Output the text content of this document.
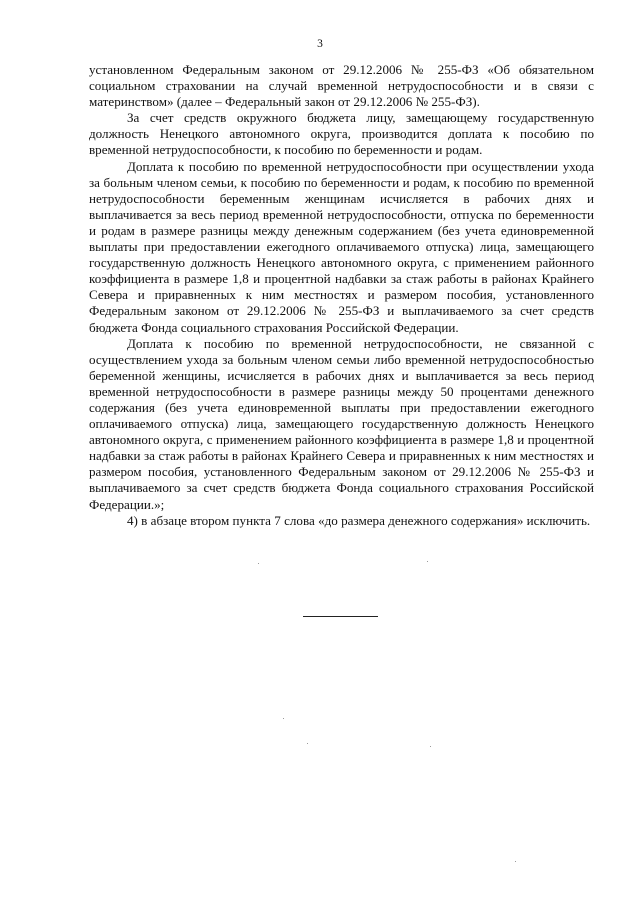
3

установленном Федеральным законом от 29.12.2006 № 255-ФЗ «Об обязательном социальном страховании на случай временной нетрудоспособности и в связи с материнством» (далее – Федеральный закон от 29.12.2006 № 255-ФЗ).

За счет средств окружного бюджета лицу, замещающему государственную должность Ненецкого автономного округа, производится доплата к пособию по временной нетрудоспособности, к пособию по беременности и родам.

Доплата к пособию по временной нетрудоспособности при осуществлении ухода за больным членом семьи, к пособию по беременности и родам, к пособию по временной нетрудоспособности беременным женщинам исчисляется в рабочих днях и выплачивается за весь период временной нетрудоспособности, отпуска по беременности и родам в размере разницы между денежным содержанием (без учета единовременной выплаты при предоставлении ежегодного оплачиваемого отпуска) лица, замещающего государственную должность Ненецкого автономного округа, с применением районного коэффициента в размере 1,8 и процентной надбавки за стаж работы в районах Крайнего Севера и приравненных к ним местностях и размером пособия, установленного Федеральным законом от 29.12.2006 № 255-ФЗ и выплачиваемого за счет средств бюджета Фонда социального страхования Российской Федерации.

Доплата к пособию по временной нетрудоспособности, не связанной с осуществлением ухода за больным членом семьи либо временной нетрудоспособностью беременной женщины, исчисляется в рабочих днях и выплачивается за весь период временной нетрудоспособности в размере разницы между 50 процентами денежного содержания (без учета единовременной выплаты при предоставлении ежегодного оплачиваемого отпуска) лица, замещающего государственную должность Ненецкого автономного округа, с применением районного коэффициента в размере 1,8 и процентной надбавки за стаж работы в районах Крайнего Севера и приравненных к ним местностях и размером пособия, установленного Федеральным законом от 29.12.2006 № 255-ФЗ и выплачиваемого за счет средств бюджета Фонда социального страхования Российской Федерации.»;

4) в абзаце втором пункта 7 слова «до размера денежного содержания» исключить.
